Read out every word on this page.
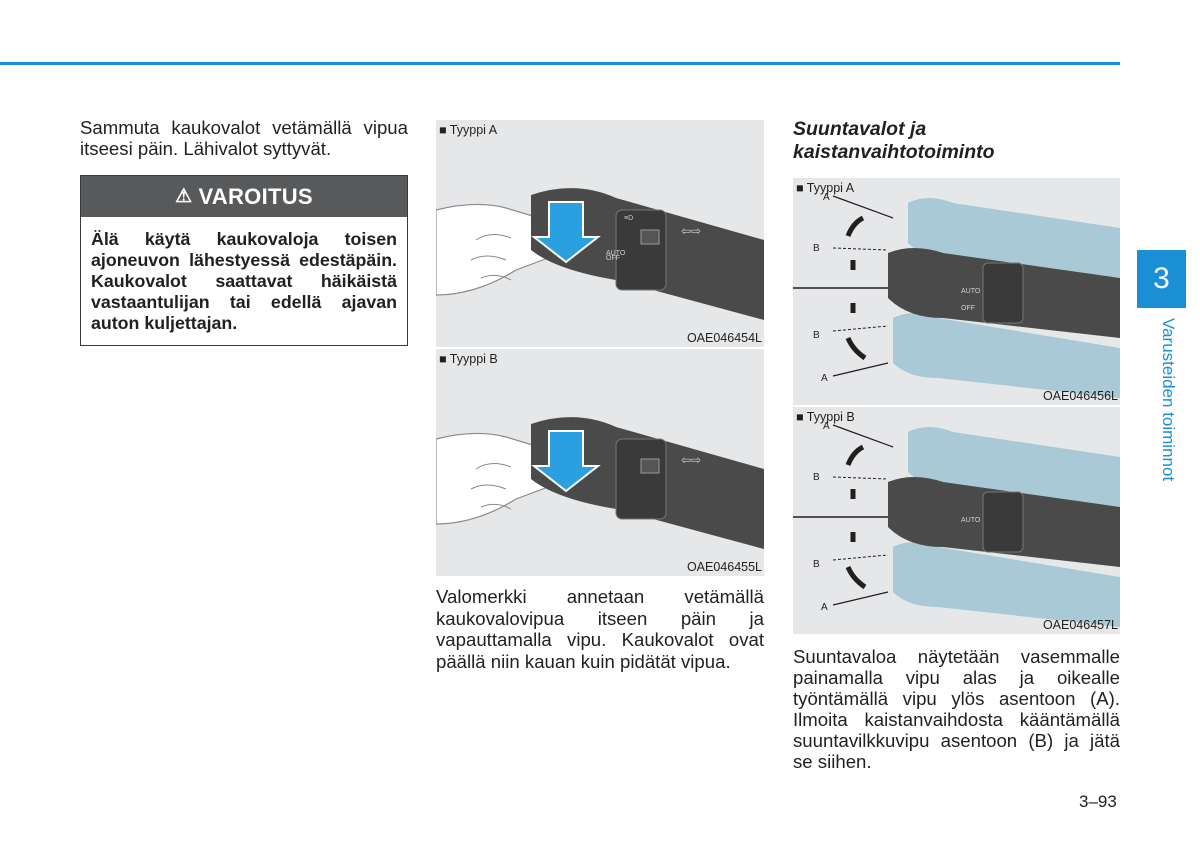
Sammuta kaukovalot vetämällä vipua itseesi päin. Lähivalot syttyvät.

⚠ VAROITUS
Älä käytä kaukovaloja toisen ajoneuvon lähestyessä edestäpäin. Kaukovalot saattavat häikäistä vastaantulijan tai edellä ajavan auton kuljettajan.
≡D
AUTO
OFF
⇦⇨
■ Tyyppi A
OAE046454L
⇦⇨
■ Tyyppi B
OAE046455L

Valomerkki annetaan vetämällä kaukovalovipua itseen päin ja vapauttamalla vipu. Kaukovalot ovat päällä niin kauan kuin pidätät vipua.

Suuntavalot ja kaistanvaihtotoiminto
AUTO
OFF
A
B
B
A
■ Tyyppi A
OAE046456L
AUTO
A
B
B
A
■ Tyyppi B
OAE046457L

Suuntavaloa näytetään vasemmalle painamalla vipu alas ja oikealle työntämällä vipu ylös asentoon (A). Ilmoita kaistanvaihdosta kääntämällä suuntavilkkuvipu asentoon (B) ja jätä se siihen.

3
Varusteiden toiminnot
3–93
